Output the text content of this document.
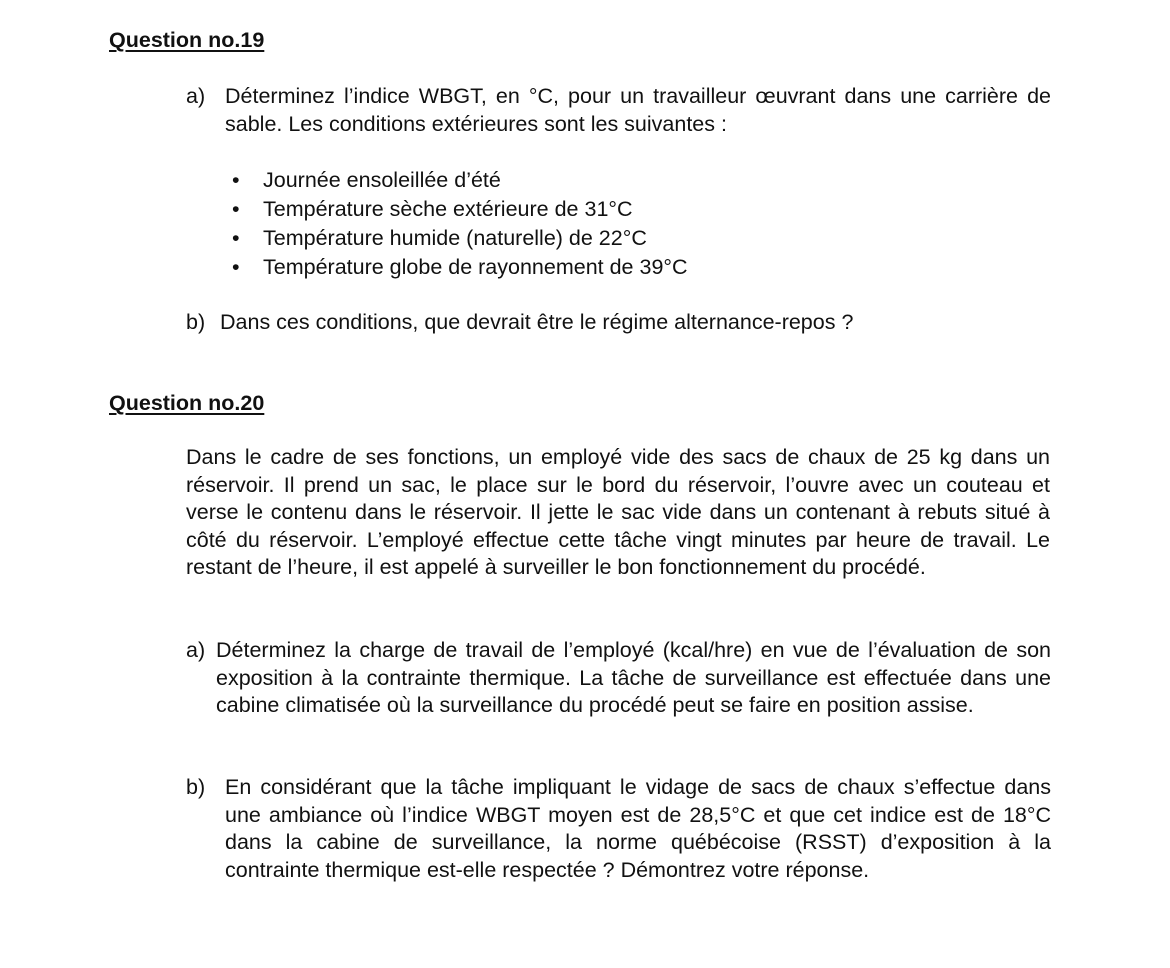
Question no.19
a) Déterminez l’indice WBGT, en °C, pour un travailleur œuvrant dans une carrière de sable. Les conditions extérieures sont les suivantes :

• Journée ensoleillée d’été
• Température sèche extérieure de 31°C
• Température humide (naturelle) de 22°C
• Température globe de rayonnement de 39°C
b) Dans ces conditions, que devrait être le régime alternance-repos ?

Question no.20

Dans le cadre de ses fonctions, un employé vide des sacs de chaux de 25 kg dans un réservoir. Il prend un sac, le place sur le bord du réservoir, l’ouvre avec un couteau et verse le contenu dans le réservoir. Il jette le sac vide dans un contenant à rebuts situé à côté du réservoir. L’employé effectue cette tâche vingt minutes par heure de travail. Le restant de l’heure, il est appelé à surveiller le bon fonctionnement du procédé.

a) Déterminez la charge de travail de l’employé (kcal/hre) en vue de l’évaluation de son exposition à la contrainte thermique. La tâche de surveillance est effectuée dans une cabine climatisée où la surveillance du procédé peut se faire en position assise.

b) En considérant que la tâche impliquant le vidage de sacs de chaux s’effectue dans une ambiance où l’indice WBGT moyen est de 28,5°C et que cet indice est de 18°C dans la cabine de surveillance, la norme québécoise (RSST) d’exposition à la contrainte thermique est-elle respectée ? Démontrez votre réponse.
